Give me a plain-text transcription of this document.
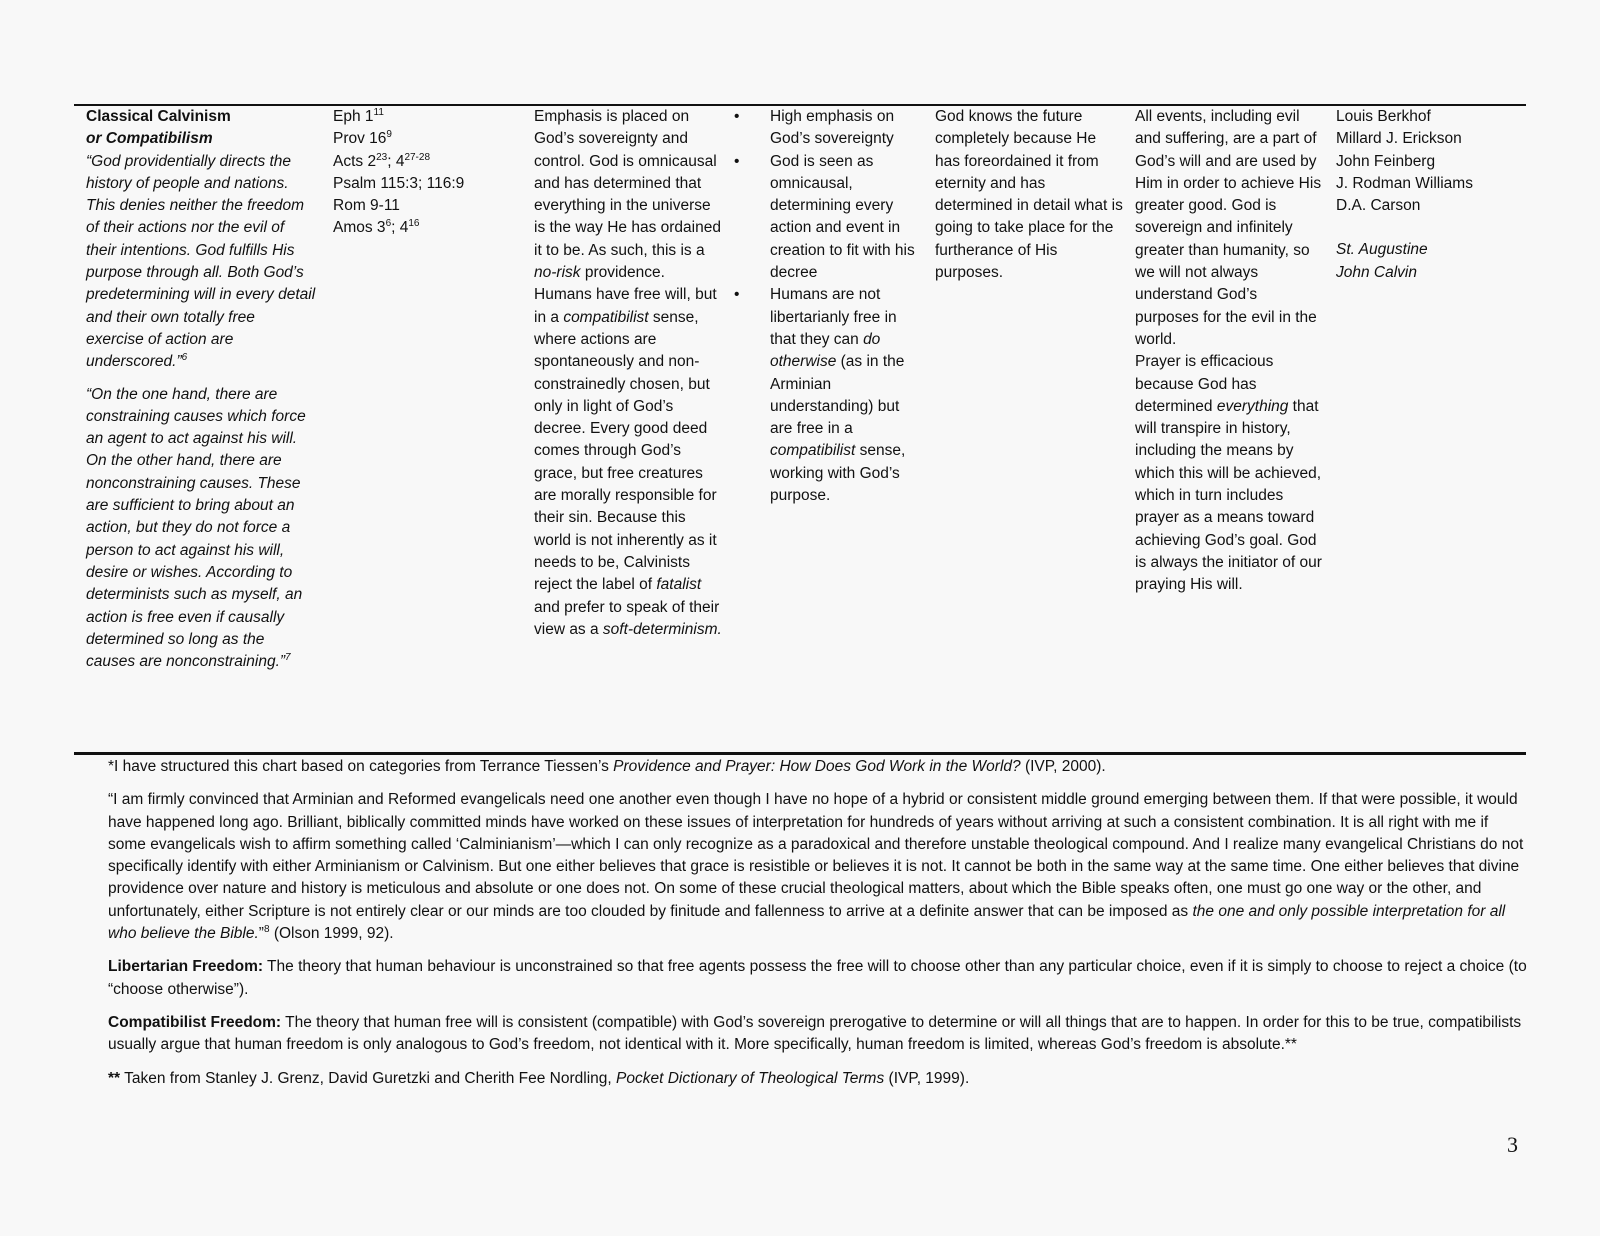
Classical Calvinism

or Compatibilism

“God providentially directs the history of people and nations. This denies neither the freedom of their actions nor the evil of their intentions. God fulfills His purpose through all. Both God’s predetermining will in every detail and their own totally free exercise of action are underscored.”$^6$

“On the one hand, there are constraining causes which force an agent to act against his will. On the other hand, there are nonconstraining causes. These are sufficient to bring about an action, but they do not force a person to act against his will, desire or wishes. According to determinists such as myself, an action is free even if causally determined so long as the causes are nonconstraining.”$^7$

Eph $1^{11}$

Prov $16^9$

Acts $2^{23}$; 4$^{27-28}$

Psalm 115:3; 116:9

Rom 9-11

Amos $3^6$; $4^{16}$

Emphasis is placed on God’s sovereignty and control. God is omnicausal and has determined that everything in the universe is the way He has ordained it to be. As such, this is a no-risk providence. Humans have free will, but in a compatibilist sense, where actions are spontaneously and non-constrainedly chosen, but only in light of God’s decree. Every good deed comes through God’s grace, but free creatures are morally responsible for their sin. Because this world is not inherently as it needs to be, Calvinists reject the label of fatalist and prefer to speak of their view as a soft-determinism.

• High emphasis on God’s sovereignty
• God is seen as omnicausal, determining every action and event in creation to fit with his decree
• Humans are not libertarianly free in that they can do otherwise (as in the Arminian understanding) but are free in a compatibilist sense, working with God’s purpose.

God knows the future completely because He has foreordained it from eternity and has determined in detail what is going to take place for the furtherance of His purposes.

All events, including evil and suffering, are a part of God’s will and are used by Him in order to achieve His greater good. God is sovereign and infinitely greater than humanity, so we will not always understand God’s purposes for the evil in the world.

Prayer is efficacious because God has determined everything that will transpire in history, including the means by which this will be achieved, which in turn includes prayer as a means toward achieving God’s goal. God is always the initiator of our praying His will.

Louis Berkhof

Millard J. Erickson

John Feinberg

J. Rodman Williams

D.A. Carson

St. Augustine

John Calvin

*I have structured this chart based on categories from Terrance Tiessen’s Providence and Prayer: How Does God Work in the World? (IVP, 2000).

“I am firmly convinced that Arminian and Reformed evangelicals need one another even though I have no hope of a hybrid or consistent middle ground emerging between them. If that were possible, it would have happened long ago. Brilliant, biblically committed minds have worked on these issues of interpretation for hundreds of years without arriving at such a consistent combination. It is all right with me if some evangelicals wish to affirm something called ‘Calminianism’—which I can only recognize as a paradoxical and therefore unstable theological compound. And I realize many evangelical Christians do not specifically identify with either Arminianism or Calvinism. But one either believes that grace is resistible or believes it is not. It cannot be both in the same way at the same time. One either believes that divine providence over nature and history is meticulous and absolute or one does not. On some of these crucial theological matters, about which the Bible speaks often, one must go one way or the other, and unfortunately, either Scripture is not entirely clear or our minds are too clouded by finitude and fallenness to arrive at a definite answer that can be imposed as the one and only possible interpretation for all who believe the Bible.”$^8$ (Olson 1999, 92).

Libertarian Freedom: The theory that human behaviour is unconstrained so that free agents possess the free will to choose other than any particular choice, even if it is simply to choose to reject a choice (to “choose otherwise”).

Compatibilist Freedom: The theory that human free will is consistent (compatible) with God’s sovereign prerogative to determine or will all things that are to happen. In order for this to be true, compatibilists usually argue that human freedom is only analogous to God’s freedom, not identical with it. More specifically, human freedom is limited, whereas God’s freedom is absolute.**

** Taken from Stanley J. Grenz, David Guretzki and Cherith Fee Nordling, Pocket Dictionary of Theological Terms (IVP, 1999).

3
